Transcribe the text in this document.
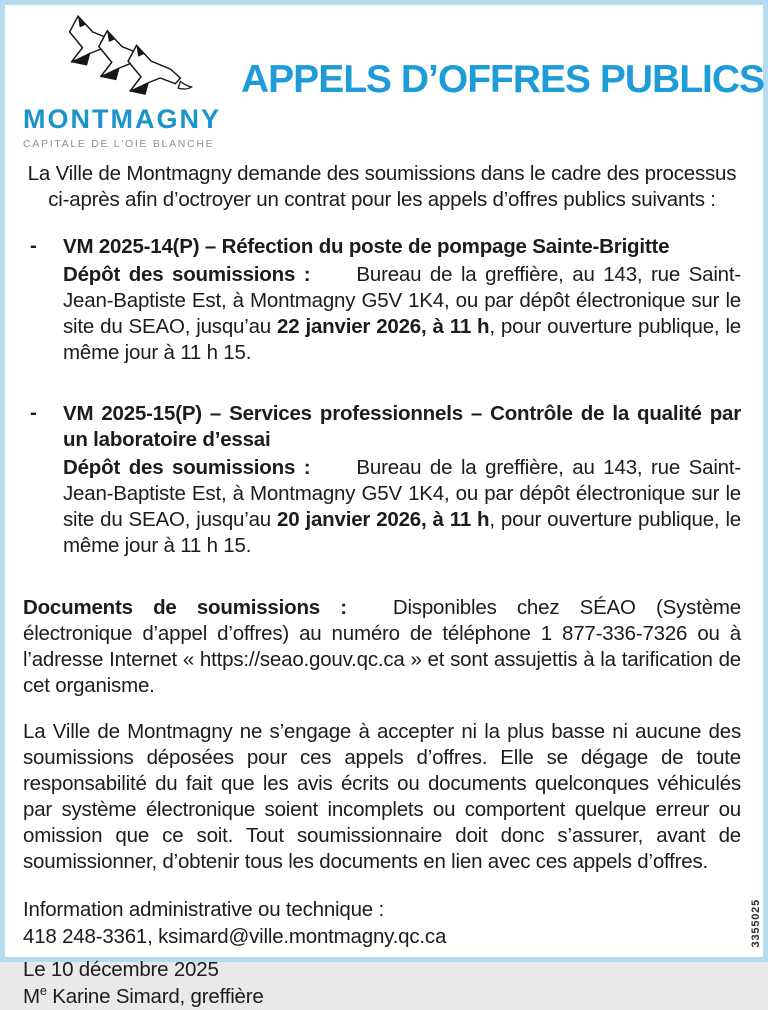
MONTMAGNY
CAPITALE DE L'OIE BLANCHE
APPELS D’OFFRES PUBLICS

La Ville de Montmagny demande des soumissions dans le cadre des processus ci-après afin d’octroyer un contrat pour les appels d’offres publics suivants :

-	VM 2025-14(P) – Réfection du poste de pompage Sainte-Brigitte

Dépôt des soumissions : Bureau de la greffière, au 143, rue Saint-Jean-Baptiste Est, à Montmagny G5V 1K4, ou par dépôt électronique sur le site du SEAO, jusqu’au 22 janvier 2026, à 11 h, pour ouverture publique, le même jour à 11 h 15.

-	VM 2025-15(P) – Services professionnels – Contrôle de la qualité par un laboratoire d’essai

Dépôt des soumissions : Bureau de la greffière, au 143, rue Saint-Jean-Baptiste Est, à Montmagny G5V 1K4, ou par dépôt électronique sur le site du SEAO, jusqu’au 20 janvier 2026, à 11 h, pour ouverture publique, le même jour à 11 h 15.

Documents de soumissions : Disponibles chez SÉAO (Système électronique d’appel d’offres) au numéro de téléphone 1 877-336-7326 ou à l’adresse Internet « https://seao.gouv.qc.ca » et sont assujettis à la tarification de cet organisme.

La Ville de Montmagny ne s’engage à accepter ni la plus basse ni aucune des soumissions déposées pour ces appels d’offres. Elle se dégage de toute responsabilité du fait que les avis écrits ou documents quelconques véhiculés par système électronique soient incomplets ou comportent quelque erreur ou omission que ce soit. Tout soumissionnaire doit donc s’assurer, avant de soumissionner, d’obtenir tous les documents en lien avec ces appels d’offres.

Information administrative ou technique :
418 248-3361, ksimard@ville.montmagny.qc.ca
Le 10 décembre 2025
Me Karine Simard, greffière
3355025
